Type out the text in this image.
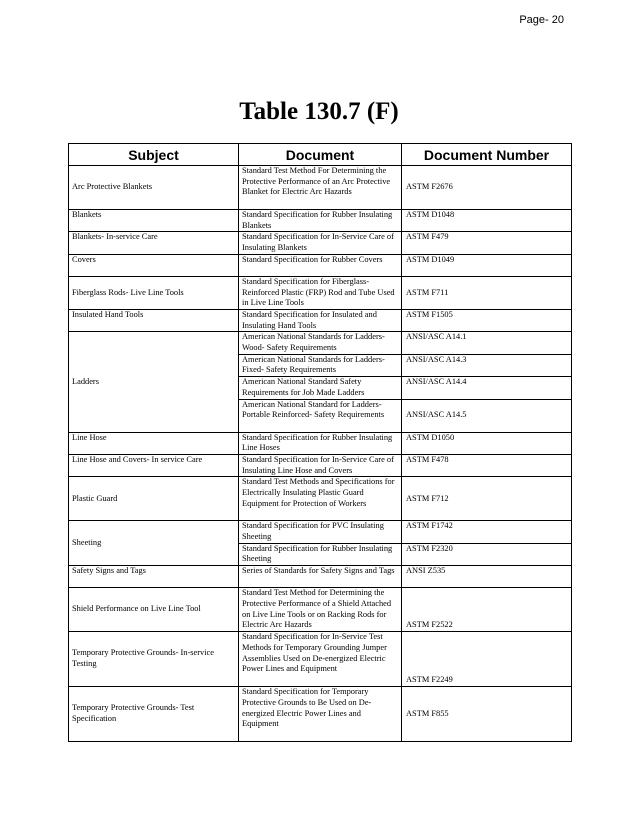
Page- 20
Table 130.7 (F)
Subject	Document	Document Number
Arc Protective Blankets	Standard Test Method For Determining the Protective Performance of an Arc Protective Blanket for Electric Arc Hazards	ASTM F2676
Blankets	Standard Specification for Rubber Insulating Blankets	ASTM D1048
Blankets- In-service Care	Standard Specification for In-Service Care of Insulating Blankets	ASTM F479
Covers	Standard Specification for Rubber Covers	ASTM D1049
Fiberglass Rods- Live Line Tools	Standard Specification for Fiberglass-Reinforced Plastic (FRP) Rod and Tube Used in Live Line Tools	ASTM F711
Insulated Hand Tools	Standard Specification for Insulated and Insulating Hand Tools	ASTM F1505
Ladders	American National Standards for Ladders- Wood- Safety Requirements	ANSI/ASC A14.1
	American National Standards for Ladders- Fixed- Safety Requirements	ANSI/ASC A14.3
	American National Standard Safety Requirements for Job Made Ladders	ANSI/ASC A14.4
	American National Standard for Ladders-Portable Reinforced- Safety Requirements	ANSI/ASC A14.5
Line Hose	Standard Specification for Rubber Insulating Line Hoses	ASTM D1050
Line Hose and Covers- In service Care	Standard Specification for In-Service Care of Insulating Line Hose and Covers	ASTM F478
Plastic Guard	Standard Test Methods and Specifications for Electrically Insulating Plastic Guard Equipment for Protection of Workers	ASTM F712
Sheeting	Standard Specification for PVC Insulating Sheeting	ASTM F1742
	Standard Specification for Rubber Insulating Sheeting	ASTM F2320
Safety Signs and Tags	Series of Standards for Safety Signs and Tags	ANSI Z535
Shield Performance on Live Line Tool	Standard Test Method for Determining the Protective Performance of a Shield Attached on Live Line Tools or on Racking Rods for Electric Arc Hazards	ASTM F2522
Temporary Protective Grounds- In-service Testing	Standard Specification for In-Service Test Methods for Temporary Grounding Jumper Assemblies Used on De-energized Electric Power Lines and Equipment	ASTM F2249
Temporary Protective Grounds- Test Specification	Standard Specification for Temporary Protective Grounds to Be Used on De-energized Electric Power Lines and Equipment	ASTM F855
